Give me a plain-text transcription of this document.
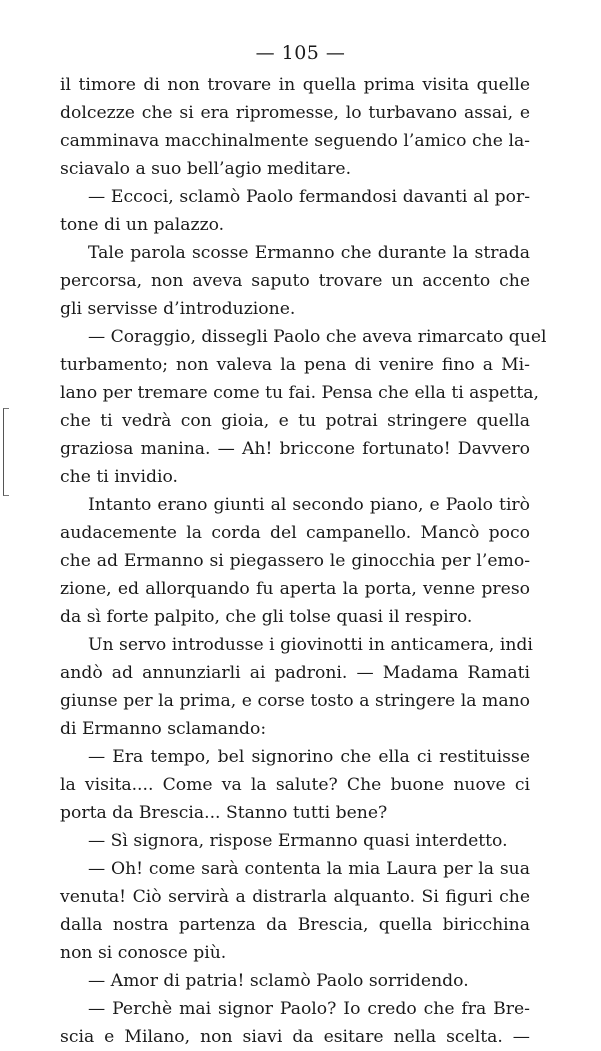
— 105 —
il timore di non trovare in quella prima visita quelle
dolcezze che si era ripromesse, lo turbavano assai, e
camminava macchinalmente seguendo l’amico che la-
sciavalo a suo bell’agio meditare.
— Eccoci, sclamò Paolo fermandosi davanti al por-
tone di un palazzo.
Tale parola scosse Ermanno che durante la strada
percorsa, non aveva saputo trovare un accento che
gli servisse d’introduzione.
— Coraggio, dissegli Paolo che aveva rimarcato quel
turbamento; non valeva la pena di venire fino a Mi-
lano per tremare come tu fai. Pensa che ella ti aspetta,
che ti vedrà con gioia, e tu potrai stringere quella
graziosa manina. — Ah! briccone fortunato! Davvero
che ti invidio.
Intanto erano giunti al secondo piano, e Paolo tirò
audacemente la corda del campanello. Mancò poco
che ad Ermanno si piegassero le ginocchia per l’emo-
zione, ed allorquando fu aperta la porta, venne preso
da sì forte palpito, che gli tolse quasi il respiro.
Un servo introdusse i giovinotti in anticamera, indi
andò ad annunziarli ai padroni. — Madama Ramati
giunse per la prima, e corse tosto a stringere la mano
di Ermanno sclamando:
— Era tempo, bel signorino che ella ci restituisse
la visita.... Come va la salute? Che buone nuove ci
porta da Brescia... Stanno tutti bene?
— Sì signora, rispose Ermanno quasi interdetto.
— Oh! come sarà contenta la mia Laura per la sua
venuta! Ciò servirà a distrarla alquanto. Si figuri che
dalla nostra partenza da Brescia, quella biricchina
non si conosce più.
— Amor di patria! sclamò Paolo sorridendo.
— Perchè mai signor Paolo? Io credo che fra Bre-
scia e Milano, non siavi da esitare nella scelta. —
